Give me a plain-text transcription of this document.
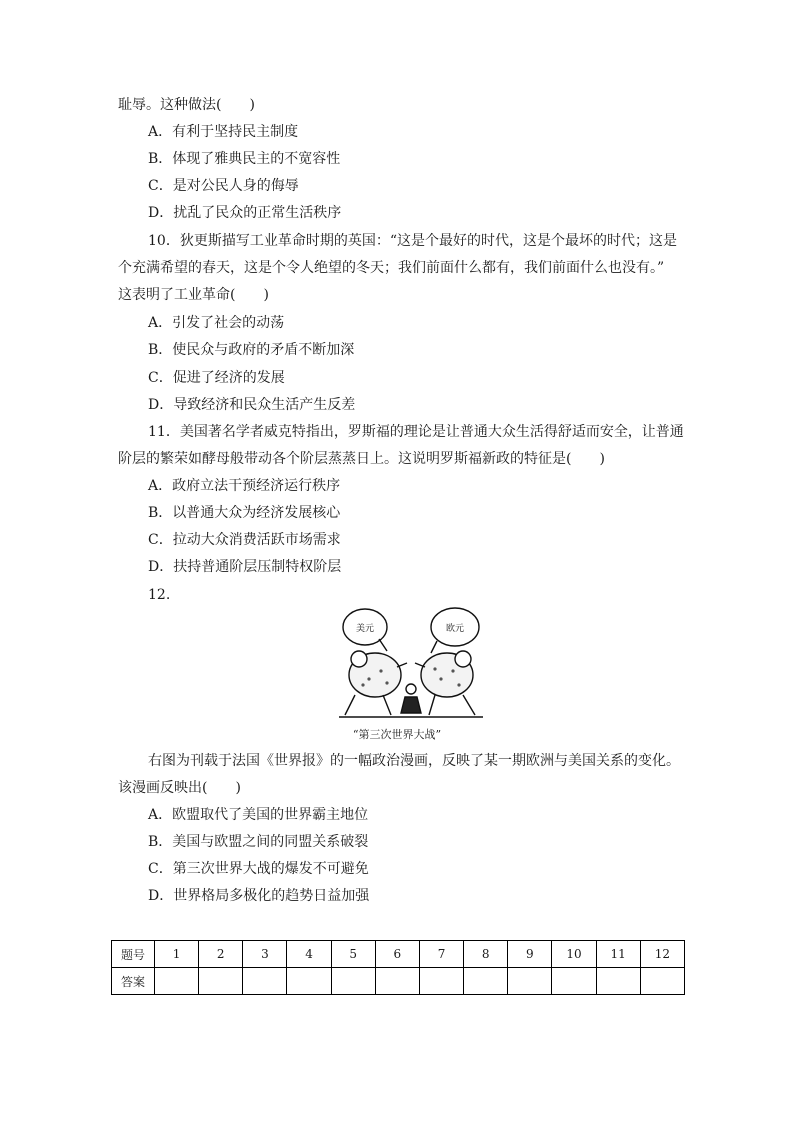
耻辱。这种做法(　　)
A．有利于坚持民主制度
B．体现了雅典民主的不宽容性
C．是对公民人身的侮辱
D．扰乱了民众的正常生活秩序
10．狄更斯描写工业革命时期的英国：“这是个最好的时代，这是个最坏的时代；这是
个充满希望的春天，这是个令人绝望的冬天；我们前面什么都有，我们前面什么也没有。”
这表明了工业革命(　　)
A．引发了社会的动荡
B．使民众与政府的矛盾不断加深
C．促进了经济的发展
D．导致经济和民众生活产生反差
11．美国著名学者威克特指出，罗斯福的理论是让普通大众生活得舒适而安全，让普通
阶层的繁荣如酵母般带动各个阶层蒸蒸日上。这说明罗斯福新政的特征是(　　)
A．政府立法干预经济运行秩序
B．以普通大众为经济发展核心
C．拉动大众消费活跃市场需求
D．扶持普通阶层压制特权阶层
12.
美元	欧元
“第三次世界大战”
右图为刊载于法国《世界报》的一幅政治漫画，反映了某一期欧洲与美国关系的变化。
该漫画反映出(　　)
A．欧盟取代了美国的世界霸主地位
B．美国与欧盟之间的同盟关系破裂
C．第三次世界大战的爆发不可避免
D．世界格局多极化的趋势日益加强
题号	1	2	3	4	5	6	7	8	9	10	11	12
答案												
